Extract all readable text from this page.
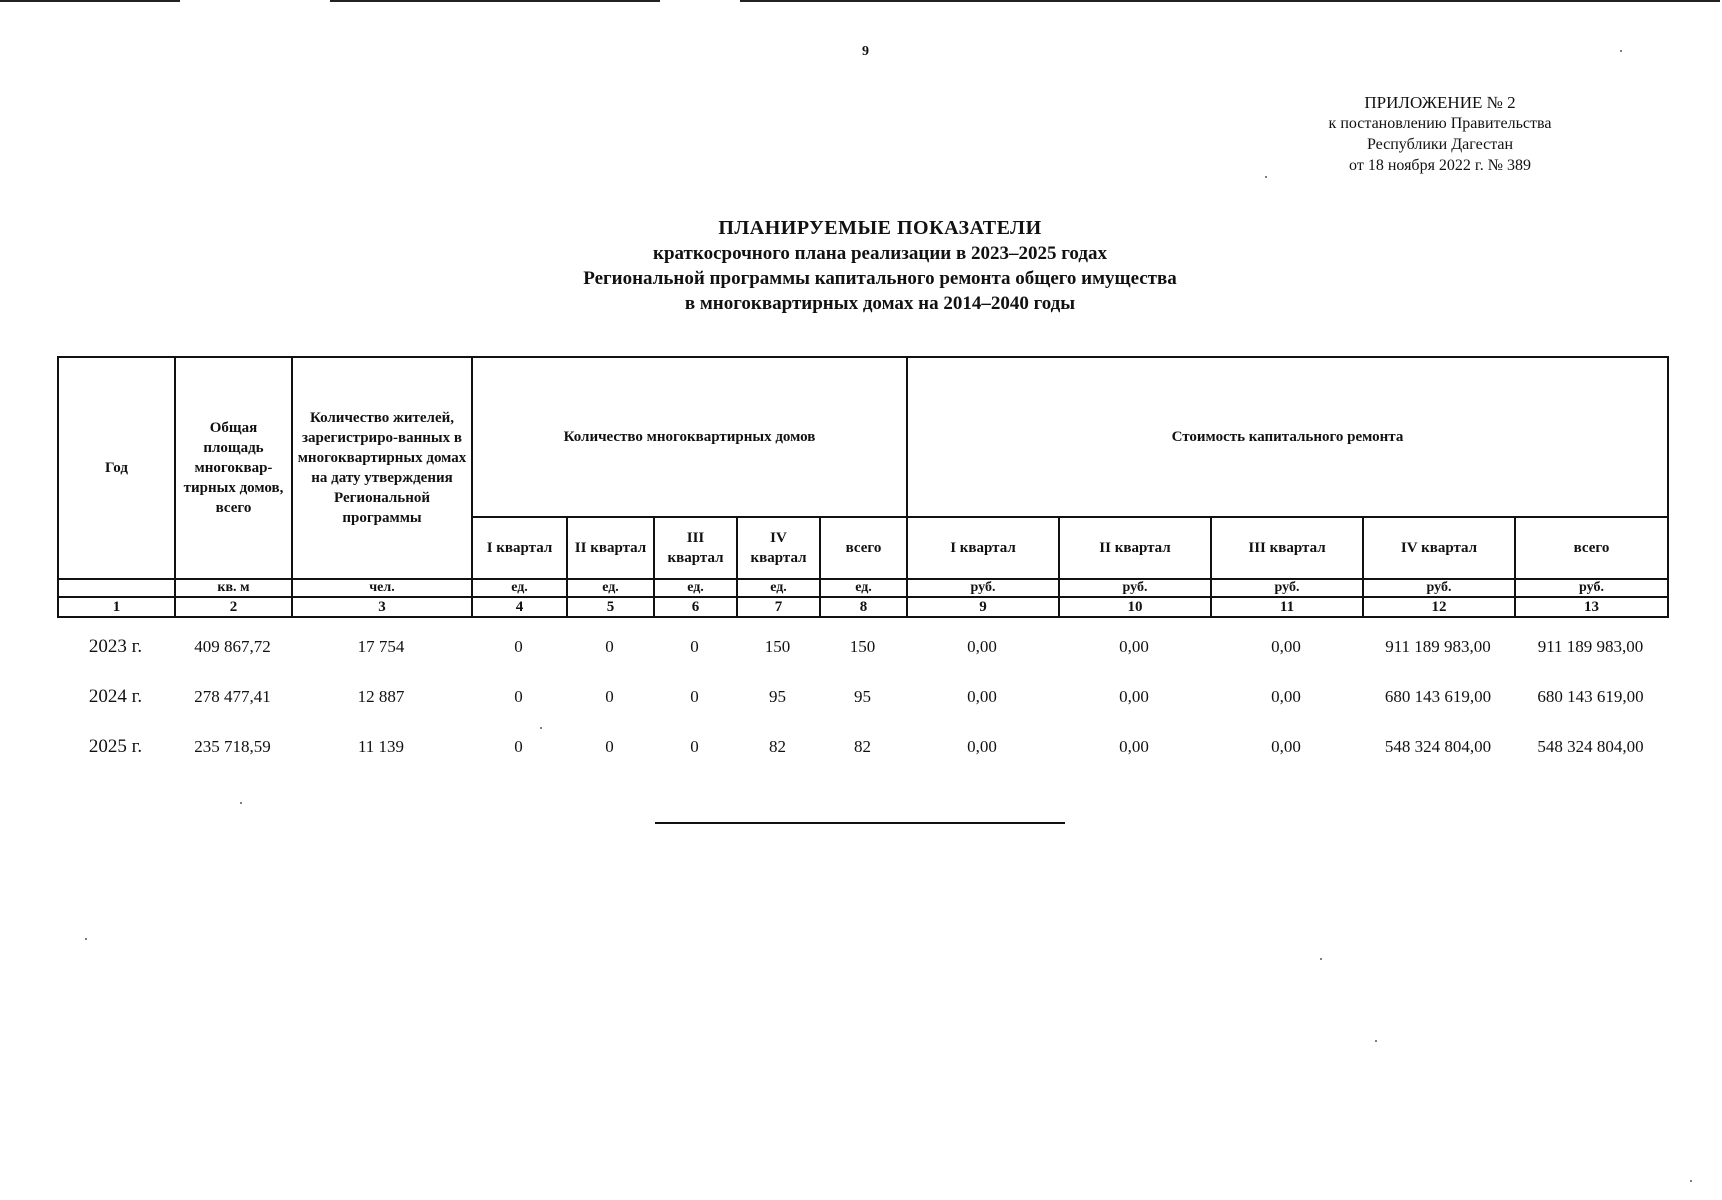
9
ПРИЛОЖЕНИЕ № 2
к постановлению Правительства
Республики Дагестан
от 18 ноября 2022 г. № 389
ПЛАНИРУЕМЫЕ ПОКАЗАТЕЛИ
краткосрочного плана реализации в 2023–2025 годах
Региональной программы капитального ремонта общего имущества
в многоквартирных домах на 2014–2040 годы
Год	Общая площадь многоквар-тирных домов, всего	Количество жителей, зарегистриро-ванных в многоквартирных домах на дату утверждения Региональной программы	Количество многоквартирных домов					Стоимость капитального ремонта				
			I квартал	II квартал	III квартал	IV квартал	всего	I квартал	II квартал	III квартал	IV квартал	всего
	кв. м	чел.	ед.	ед.	ед.	ед.	ед.	руб.	руб.	руб.	руб.	руб.
1	2	3	4	5	6	7	8	9	10	11	12	13
2023 г.	409 867,72	17 754	0	0	0	150	150	0,00	0,00	0,00	911 189 983,00	911 189 983,00
2024 г.	278 477,41	12 887	0	0	0	95	95	0,00	0,00	0,00	680 143 619,00	680 143 619,00
2025 г.	235 718,59	11 139	0	0	0	82	82	0,00	0,00	0,00	548 324 804,00	548 324 804,00
